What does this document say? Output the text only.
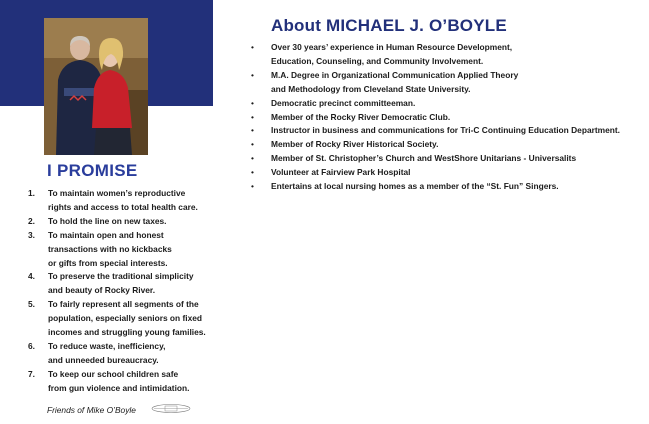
I PROMISE
1. To maintain women’s reproductive
rights and access to total health care.
2. To hold the line on new taxes.
3. To maintain open and honest
transactions with no kickbacks
or gifts from special interests.
4. To preserve the traditional simplicity
and beauty of Rocky River.
5. To fairly represent all segments of the
population, especially seniors on fixed
incomes and struggling young families.
6. To reduce waste, inefficiency,
and unneeded bureaucracy.
7. To keep our school children safe
from gun violence and intimidation.
Friends of Mike O’Boyle
About MICHAEL J. O’BOYLE
• Over 30 years’ experience in Human Resource Development,
Education, Counseling, and Community Involvement.
• M.A. Degree in Organizational Communication Applied Theory
and Methodology from Cleveland State University.
• Democratic precinct committeeman.
• Member of the Rocky River Democratic Club.
• Instructor in business and communications for Tri-C Continuing Education Department.
• Member of Rocky River Historical Society.
• Member of St. Christopher’s Church and WestShore Unitarians - Universalits
• Volunteer at Fairview Park Hospital
• Entertains at local nursing homes as a member of the “St. Fun” Singers.
